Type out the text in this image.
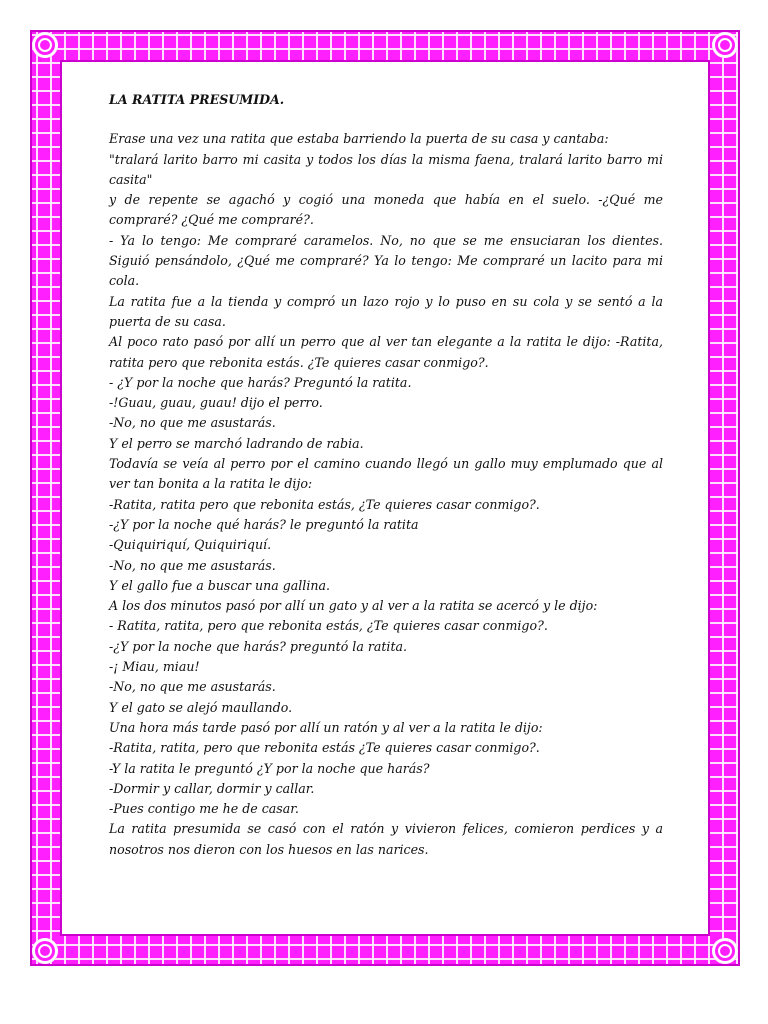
LA RATITA PRESUMIDA.

Erase una vez una ratita que estaba barriendo la puerta de su casa y cantaba:

"tralará larito barro mi casita y todos los días la misma faena, tralará larito barro mi casita"

y de repente se agachó y cogió una moneda que había en el suelo. -¿Qué me compraré? ¿Qué me compraré?.

- Ya lo tengo: Me compraré caramelos. No, no que se me ensuciaran los dientes. Siguió pensándolo, ¿Qué me compraré? Ya lo tengo: Me compraré un lacito para mi cola.

La ratita fue a la tienda y compró un lazo rojo y lo puso en su cola y se sentó a la puerta de su casa.

Al poco rato pasó por allí un perro que al ver tan elegante a la ratita le dijo: -Ratita, ratita pero que rebonita estás. ¿Te quieres casar conmigo?.

- ¿Y por la noche que harás? Preguntó la ratita.

-!Guau, guau, guau! dijo el perro.

-No, no que me asustarás.

Y el perro se marchó ladrando de rabia.

Todavía se veía al perro por el camino cuando llegó un gallo muy emplumado que al ver tan bonita a la ratita le dijo:

-Ratita, ratita pero que rebonita estás, ¿Te quieres casar conmigo?.

-¿Y por la noche qué harás? le preguntó la ratita

-Quiquiriquí, Quiquiriquí.

-No, no que me asustarás.

Y el gallo fue a buscar una gallina.

A los dos minutos pasó por allí un gato y al ver a la ratita se acercó y le dijo:

- Ratita, ratita, pero que rebonita estás, ¿Te quieres casar conmigo?.

-¿Y por la noche que harás? preguntó la ratita.

-¡ Miau, miau!

-No, no que me asustarás.

Y el gato se alejó maullando.

Una hora más tarde pasó por allí un ratón y al ver a la ratita le dijo:

-Ratita, ratita, pero que rebonita estás ¿Te quieres casar conmigo?.

-Y la ratita le preguntó ¿Y por la noche que harás?

-Dormir y callar, dormir y callar.

-Pues contigo me he de casar.

La ratita presumida se casó con el ratón y vivieron felices, comieron perdices y a nosotros nos dieron con los huesos en las narices.
